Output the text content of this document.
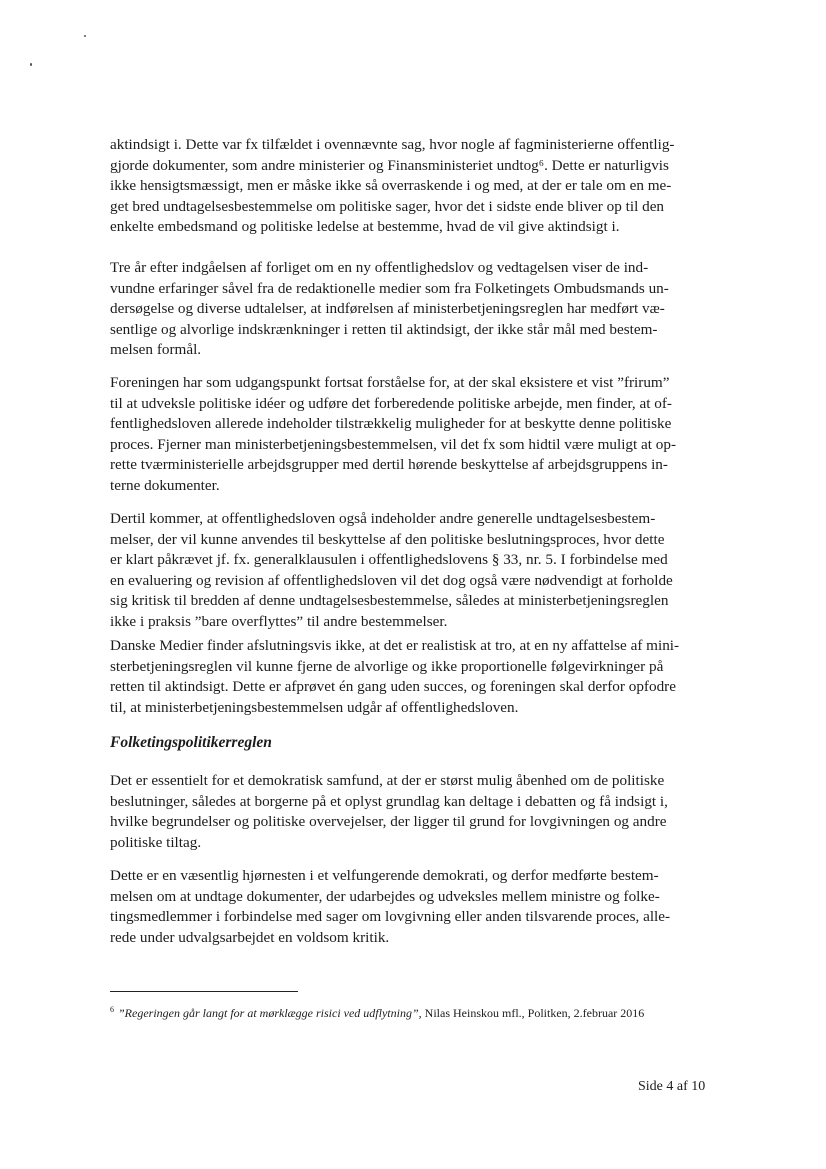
aktindsigt i. Dette var fx tilfældet i ovennævnte sag, hvor nogle af fagministerierne offentlig-
gjorde dokumenter, som andre ministerier og Finansministeriet undtog⁶. Dette er naturligvis
ikke hensigtsmæssigt, men er måske ikke så overraskende i og med, at der er tale om en me-
get bred undtagelsesbestemmelse om politiske sager, hvor det i sidste ende bliver op til den
enkelte embedsmand og politiske ledelse at bestemme, hvad de vil give aktindsigt i.

Tre år efter indgåelsen af forliget om en ny offentlighedslov og vedtagelsen viser de ind-
vundne erfaringer såvel fra de redaktionelle medier som fra Folketingets Ombudsmands un-
dersøgelse og diverse udtalelser, at indførelsen af ministerbetjeningsreglen har medført væ-
sentlige og alvorlige indskrænkninger i retten til aktindsigt, der ikke står mål med bestem-
melsen formål.

Foreningen har som udgangspunkt fortsat forståelse for, at der skal eksistere et vist ”frirum”
til at udveksle politiske idéer og udføre det forberedende politiske arbejde, men finder, at of-
fentlighedsloven allerede indeholder tilstrækkelig muligheder for at beskytte denne politiske
proces. Fjerner man ministerbetjeningsbestemmelsen, vil det fx som hidtil være muligt at op-
rette tværministerielle arbejdsgrupper med dertil hørende beskyttelse af arbejdsgruppens in-
terne dokumenter.

Dertil kommer, at offentlighedsloven også indeholder andre generelle undtagelsesbestem-
melser, der vil kunne anvendes til beskyttelse af den politiske beslutningsproces, hvor dette
er klart påkrævet jf. fx. generalklausulen i offentlighedslovens § 33, nr. 5. I forbindelse med
en evaluering og revision af offentlighedsloven vil det dog også være nødvendigt at forholde
sig kritisk til bredden af denne undtagelsesbestemmelse, således at ministerbetjeningsreglen
ikke i praksis ”bare overflyttes” til andre bestemmelser.

Danske Medier finder afslutningsvis ikke, at det er realistisk at tro, at en ny affattelse af mini-
sterbetjeningsreglen vil kunne fjerne de alvorlige og ikke proportionelle følgevirkninger på
retten til aktindsigt. Dette er afprøvet én gang uden succes, og foreningen skal derfor opfodre
til, at ministerbetjeningsbestemmelsen udgår af offentlighedsloven.

Folketingspolitikerreglen

Det er essentielt for et demokratisk samfund, at der er størst mulig åbenhed om de politiske
beslutninger, således at borgerne på et oplyst grundlag kan deltage i debatten og få indsigt i,
hvilke begrundelser og politiske overvejelser, der ligger til grund for lovgivningen og andre
politiske tiltag.

Dette er en væsentlig hjørnesten i et velfungerende demokrati, og derfor medførte bestem-
melsen om at undtage dokumenter, der udarbejdes og udveksles mellem ministre og folke-
tingsmedlemmer i forbindelse med sager om lovgivning eller anden tilsvarende proces, alle-
rede under udvalgsarbejdet en voldsom kritik.

$^6$ ”Regeringen går langt for at mørklægge risici ved udflytning”, Nilas Heinskou mfl., Politken, 2.februar 2016

Side 4 af 10
